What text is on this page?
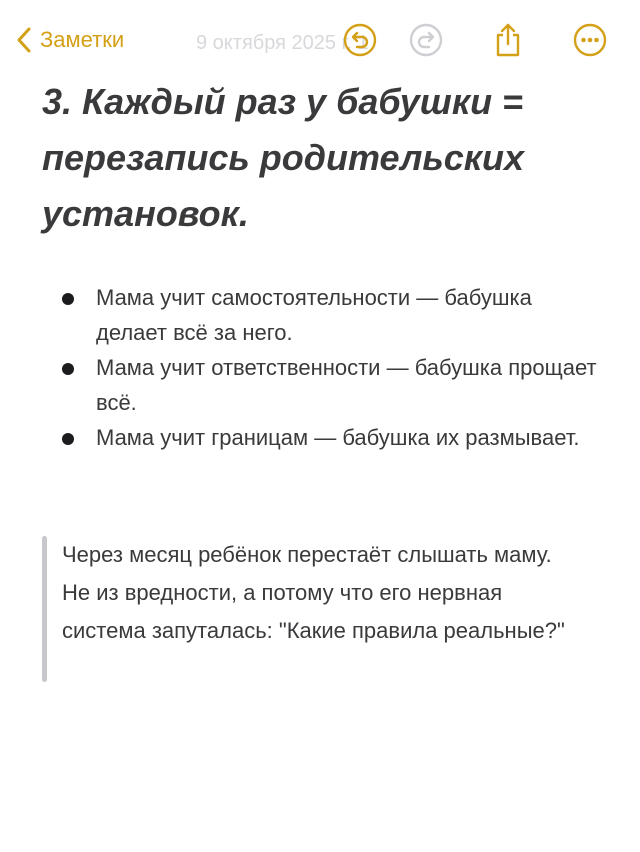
Заметки	9 октября 2025 г. 1
3. Каждый раз у бабушки = перезапись родительских установок.
Мама учит самостоятельности — бабушка делает всё за него.
Мама учит ответственности — бабушка прощает всё.
Мама учит границам — бабушка их размывает.

Через месяц ребёнок перестаёт слышать маму. Не из вредности, а потому что его нервная система запуталась: "Какие правила реальные?"
